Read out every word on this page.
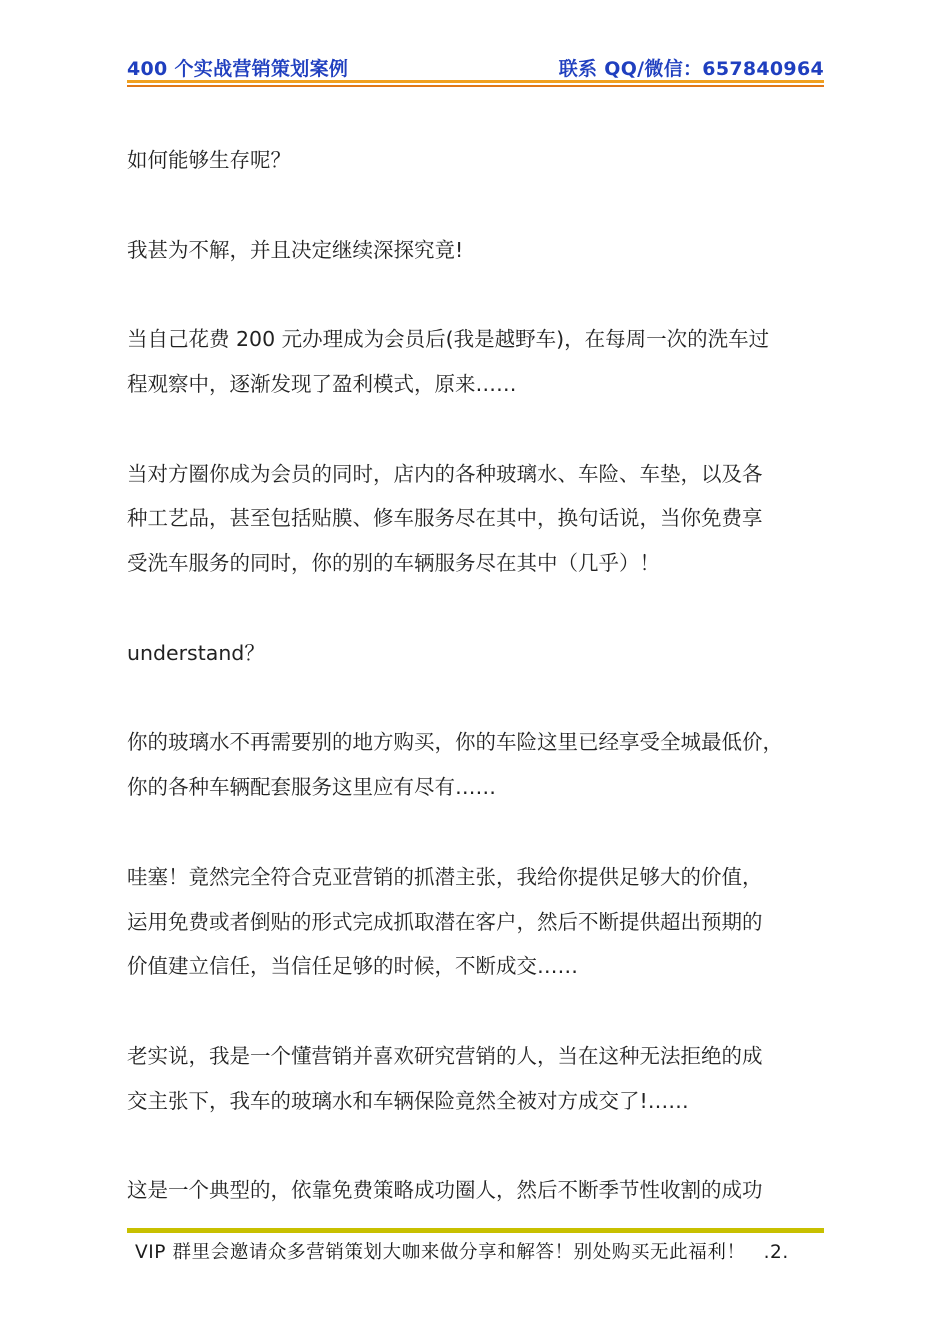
400 个实战营销策划案例	联系 QQ/微信：657840964

如何能够生存呢？

我甚为不解，并且决定继续深探究竟!

当自己花费 200 元办理成为会员后(我是越野车)，在每周一次的洗车过
程观察中，逐渐发现了盈利模式，原来……

当对方圈你成为会员的同时，店内的各种玻璃水、车险、车垫，以及各
种工艺品，甚至包括贴膜、修车服务尽在其中，换句话说，当你免费享
受洗车服务的同时，你的别的车辆服务尽在其中（几乎）！

understand？

你的玻璃水不再需要别的地方购买，你的车险这里已经享受全城最低价，
你的各种车辆配套服务这里应有尽有……

哇塞！竟然完全符合克亚营销的抓潜主张，我给你提供足够大的价值，
运用免费或者倒贴的形式完成抓取潜在客户，然后不断提供超出预期的
价值建立信任，当信任足够的时候，不断成交……

老实说，我是一个懂营销并喜欢研究营销的人，当在这种无法拒绝的成
交主张下，我车的玻璃水和车辆保险竟然全被对方成交了!……

这是一个典型的，依靠免费策略成功圈人，然后不断季节性收割的成功

VIP 群里会邀请众多营销策划大咖来做分享和解答！别处购买无此福利！ .2.
